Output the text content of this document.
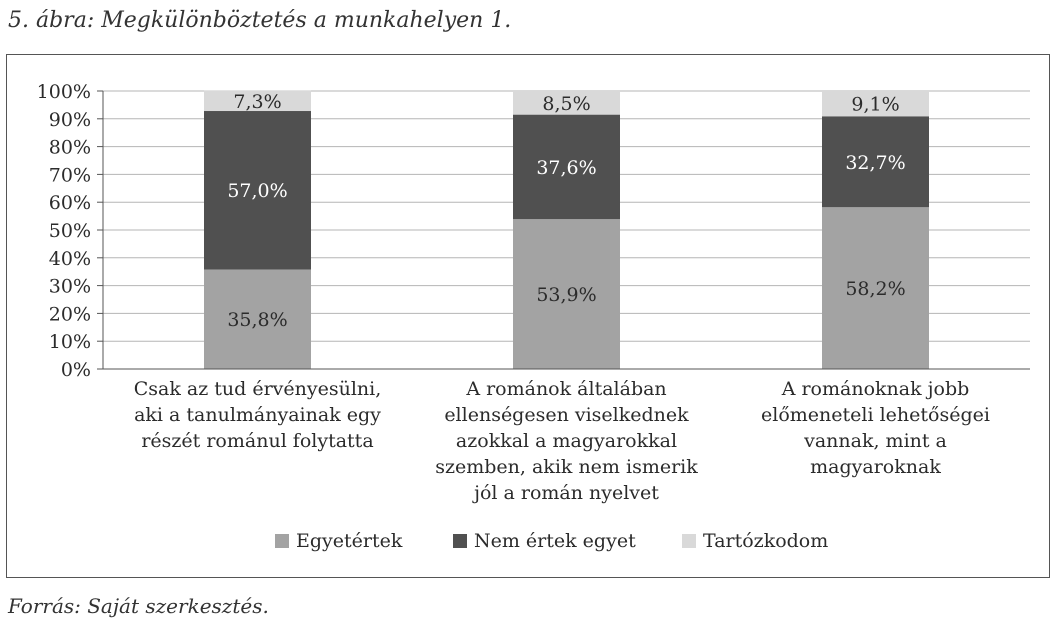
5. ábra: Megkülönböztetés a munkahelyen 1.
0%
10%
20%
30%
40%
50%
60%
70%
80%
90%
100%
35,8%
57,0%
7,3%
Csak az tud érvényesülni,
aki a tanulmányainak egy
részét románul folytatta
53,9%
37,6%
8,5%
A románok általában
ellenségesen viselkednek
azokkal a magyarokkal
szemben, akik nem ismerik
jól a román nyelvet
58,2%
32,7%
9,1%
A románoknak jobb
előmeneteli lehetőségei
vannak, mint a
magyaroknak
Egyetértek	Nem értek egyet	Tartózkodom
Forrás: Saját szerkesztés.
